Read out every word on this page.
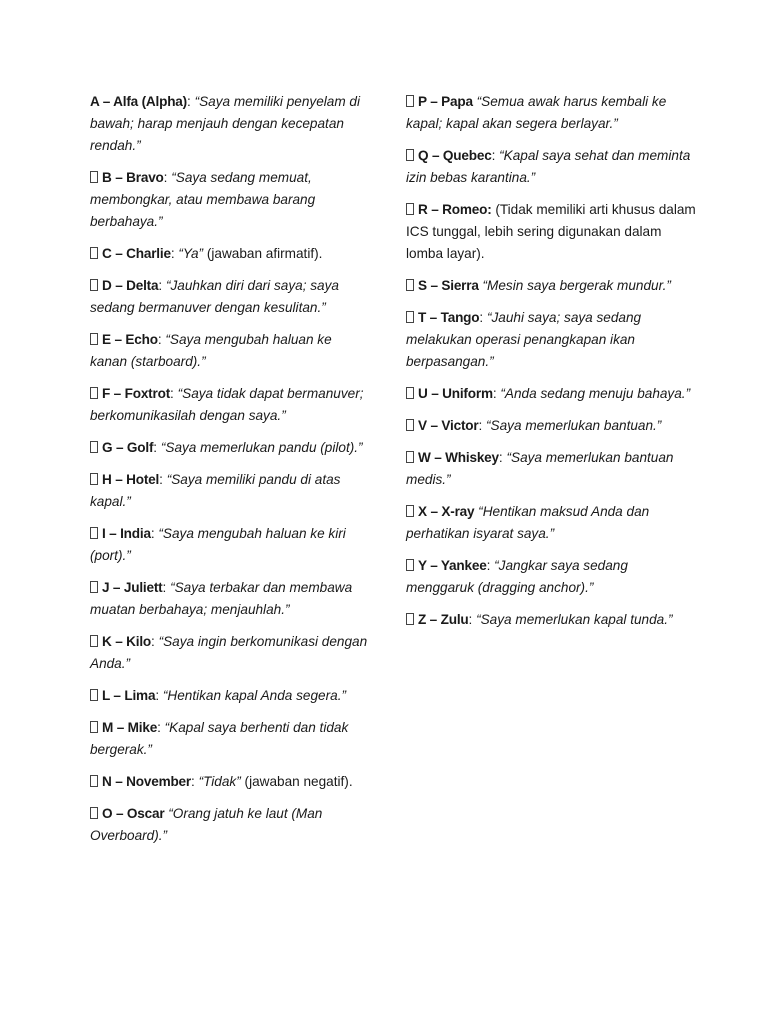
A – Alfa (Alpha): “Saya memiliki penyelam di bawah; harap menjauh dengan kecepatan rendah.”

B – Bravo: “Saya sedang memuat, membongkar, atau membawa barang berbahaya.”

C – Charlie: “Ya” (jawaban afirmatif).

D – Delta: “Jauhkan diri dari saya; saya sedang bermanuver dengan kesulitan.”

E – Echo: “Saya mengubah haluan ke kanan (starboard).”

F – Foxtrot: “Saya tidak dapat bermanuver; berkomunikasilah dengan saya.”

G – Golf: “Saya memerlukan pandu (pilot).”

H – Hotel: “Saya memiliki pandu di atas kapal.”

I – India: “Saya mengubah haluan ke kiri (port).”

J – Juliett: “Saya terbakar dan membawa muatan berbahaya; menjauhlah.”

K – Kilo: “Saya ingin berkomunikasi dengan Anda.”

L – Lima: “Hentikan kapal Anda segera.”

M – Mike: “Kapal saya berhenti dan tidak bergerak.”

N – November: “Tidak” (jawaban negatif).

O – Oscar “Orang jatuh ke laut (Man Overboard).”

P – Papa “Semua awak harus kembali ke kapal; kapal akan segera berlayar.”

Q – Quebec: “Kapal saya sehat dan meminta izin bebas karantina.”

R – Romeo: (Tidak memiliki arti khusus dalam ICS tunggal, lebih sering digunakan dalam lomba layar).

S – Sierra “Mesin saya bergerak mundur.”

T – Tango: “Jauhi saya; saya sedang melakukan operasi penangkapan ikan berpasangan.”

U – Uniform: “Anda sedang menuju bahaya.”

V – Victor: “Saya memerlukan bantuan.”

W – Whiskey: “Saya memerlukan bantuan medis.”

X – X-ray “Hentikan maksud Anda dan perhatikan isyarat saya.”

Y – Yankee: “Jangkar saya sedang menggaruk (dragging anchor).”

Z – Zulu: “Saya memerlukan kapal tunda.”
